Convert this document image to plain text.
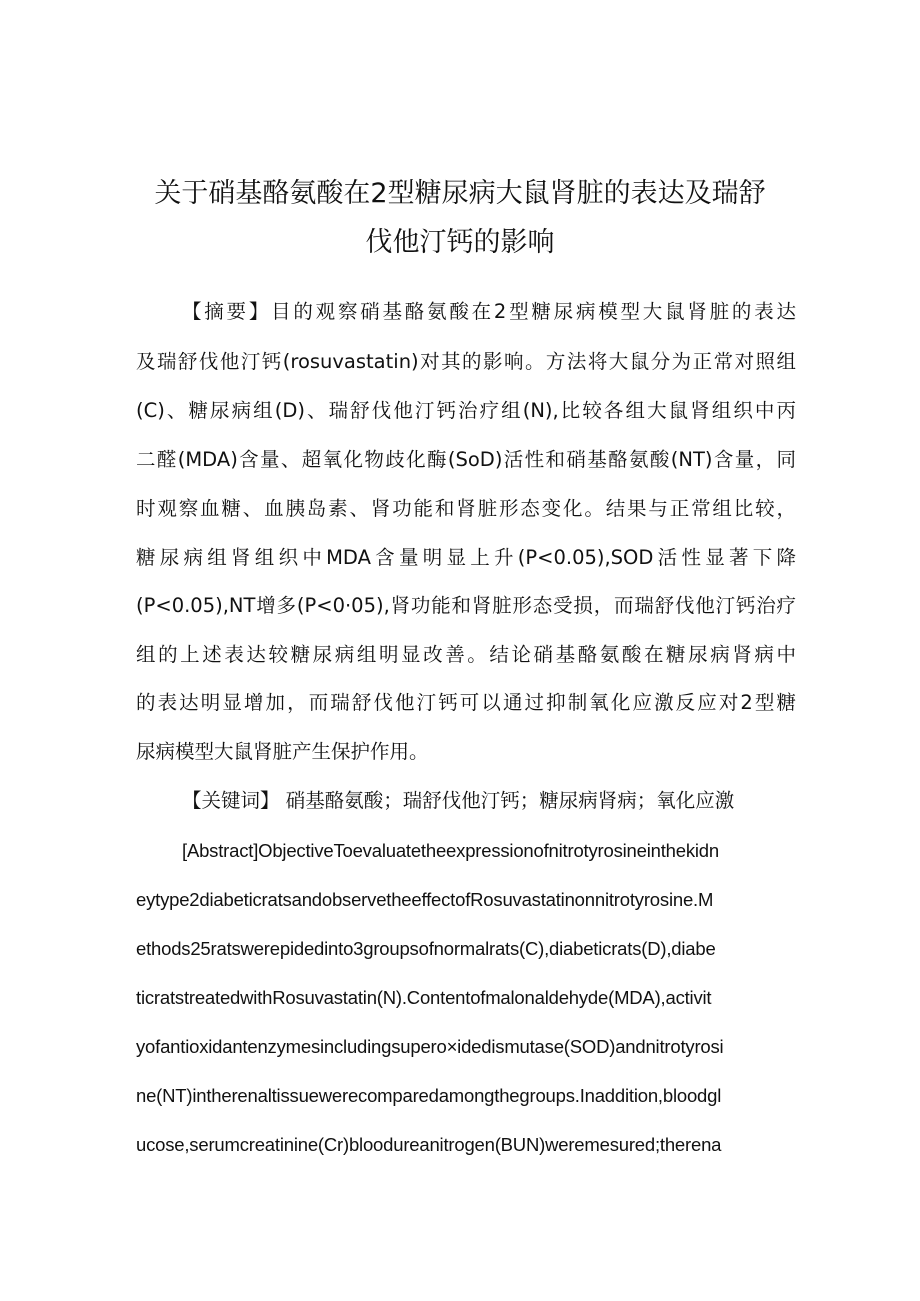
关于硝基酪氨酸在2型糖尿病大鼠肾脏的表达及瑞舒
伐他汀钙的影响

【摘要】目的观察硝基酪氨酸在2型糖尿病模型大鼠肾脏的表达

及瑞舒伐他汀钙(rosuvastatin)对其的影响。方法将大鼠分为正常对照组

(C)、糖尿病组(D)、瑞舒伐他汀钙治疗组(N),比较各组大鼠肾组织中丙

二醛(MDA)含量、超氧化物歧化酶(SoD)活性和硝基酪氨酸(NT)含量，同

时观察血糖、血胰岛素、肾功能和肾脏形态变化。结果与正常组比较，

糖尿病组肾组织中MDA含量明显上升(P<0.05),SOD活性显著下降

(P<0.05),NT增多(P<0·05),肾功能和肾脏形态受损，而瑞舒伐他汀钙治疗

组的上述表达较糖尿病组明显改善。结论硝基酪氨酸在糖尿病肾病中

的表达明显增加，而瑞舒伐他汀钙可以通过抑制氧化应激反应对2型糖

尿病模型大鼠肾脏产生保护作用。

【关键词】 硝基酪氨酸；瑞舒伐他汀钙；糖尿病肾病；氧化应激

[Abstract]ObjectiveToevaluatetheexpressionofnitrotyrosineinthekidn

eytype2diabeticratsandobservetheeffectofRosuvastatinonnitrotyrosine.M

ethods25ratswerepidedinto3groupsofnormalrats(C),diabeticrats(D),diabe

ticratstreatedwithRosuvastatin(N).Contentofmalonaldehyde(MDA),activit

yofantioxidantenzymesincludingsupero×idedismutase(SOD)andnitrotyrosi

ne(NT)intherenaltissuewerecomparedamongthegroups.Inaddition,bloodgl

ucose,serumcreatinine(Cr)bloodureanitrogen(BUN)weremesured;therena
